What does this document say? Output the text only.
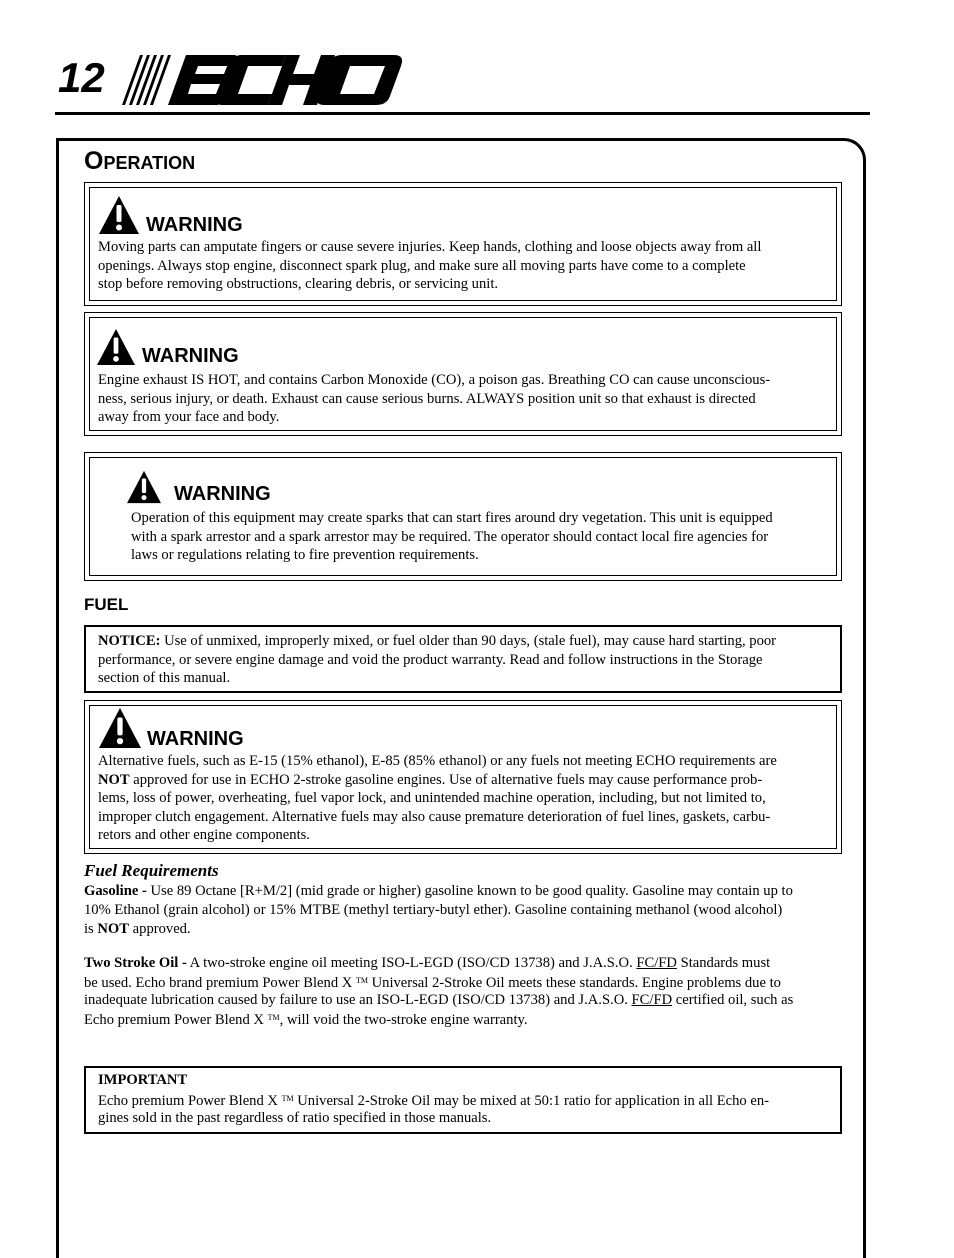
12	®
OPERATION
WARNING
Moving parts can amputate fingers or cause severe injuries. Keep hands, clothing and loose objects away from all
openings. Always stop engine, disconnect spark plug, and make sure all moving parts have come to a complete
stop before removing obstructions, clearing debris, or servicing unit.
WARNING
Engine exhaust IS HOT, and contains Carbon Monoxide (CO), a poison gas. Breathing CO can cause unconscious-
ness, serious injury, or death. Exhaust can cause serious burns. ALWAYS position unit so that exhaust is directed
away from your face and body.
WARNING
Operation of this equipment may create sparks that can start fires around dry vegetation. This unit is equipped
with a spark arrestor and a spark arrestor may be required. The operator should contact local fire agencies for
laws or regulations relating to fire prevention requirements.
FUEL
NOTICE: Use of unmixed, improperly mixed, or fuel older than 90 days, (stale fuel), may cause hard starting, poor
performance, or severe engine damage and void the product warranty. Read and follow instructions in the Storage
section of this manual.
WARNING
Alternative fuels, such as E-15 (15% ethanol), E-85 (85% ethanol) or any fuels not meeting ECHO requirements are
NOT approved for use in ECHO 2-stroke gasoline engines. Use of alternative fuels may cause performance prob-
lems, loss of power, overheating, fuel vapor lock, and unintended machine operation, including, but not limited to,
improper clutch engagement. Alternative fuels may also cause premature deterioration of fuel lines, gaskets, carbu-
retors and other engine components.
Fuel Requirements
Gasoline - Use 89 Octane [R+M/2] (mid grade or higher) gasoline known to be good quality. Gasoline may contain up to
10% Ethanol (grain alcohol) or 15% MTBE (methyl tertiary-butyl ether). Gasoline containing methanol (wood alcohol)
is NOT approved.
Two Stroke Oil - A two-stroke engine oil meeting ISO-L-EGD (ISO/CD 13738) and J.A.S.O. FC/FD Standards must
be used. Echo brand premium Power Blend X ™ Universal 2-Stroke Oil meets these standards. Engine problems due to
inadequate lubrication caused by failure to use an ISO-L-EGD (ISO/CD 13738) and J.A.S.O. FC/FD certified oil, such as
Echo premium Power Blend X ™, will void the two-stroke engine warranty.
IMPORTANT
Echo premium Power Blend X ™ Universal 2-Stroke Oil may be mixed at 50:1 ratio for application in all Echo en-
gines sold in the past regardless of ratio specified in those manuals.
